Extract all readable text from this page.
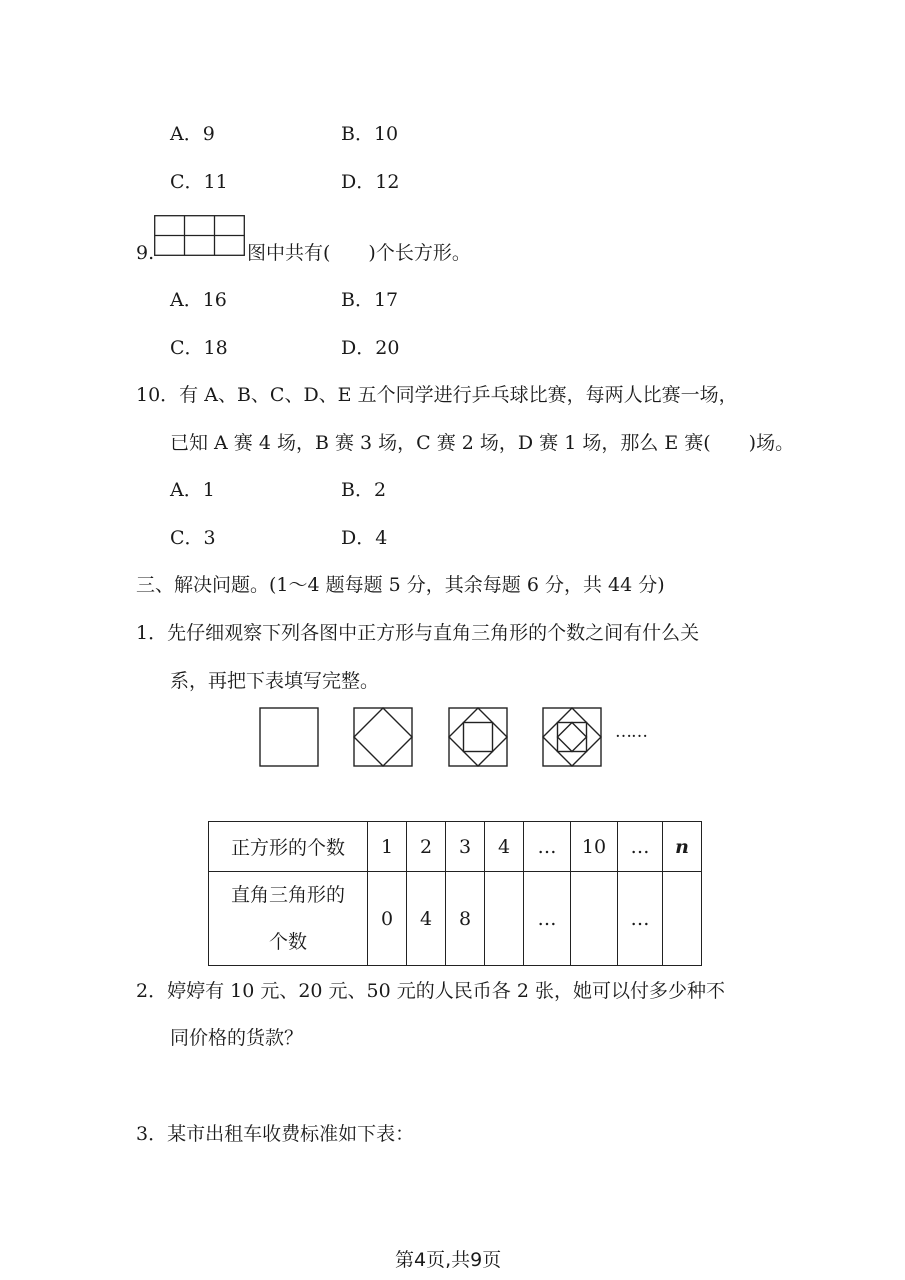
A．9	B．10
C．11	D．12
9.	图中共有(　　)个长方形。
A．16	B．17
C．18	D．20
10．有 A、B、C、D、E 五个同学进行乒乓球比赛，每两人比赛一场，
已知 A 赛 4 场，B 赛 3 场，C 赛 2 场，D 赛 1 场，那么 E 赛(　　)场。
A．1	B．2
C．3	D．4
三、解决问题。(1～4 题每题 5 分，其余每题 6 分，共 44 分)
1．先仔细观察下列各图中正方形与直角三角形的个数之间有什么关
系，再把下表填写完整。
……
正方形的个数	1	2	3	4	…	10	…	n

直角三角形的
个数	0	4	8		…		…	
2．婷婷有 10 元、20 元、50 元的人民币各 2 张，她可以付多少种不
同价格的货款？
3．某市出租车收费标准如下表：
第4页,共9页
